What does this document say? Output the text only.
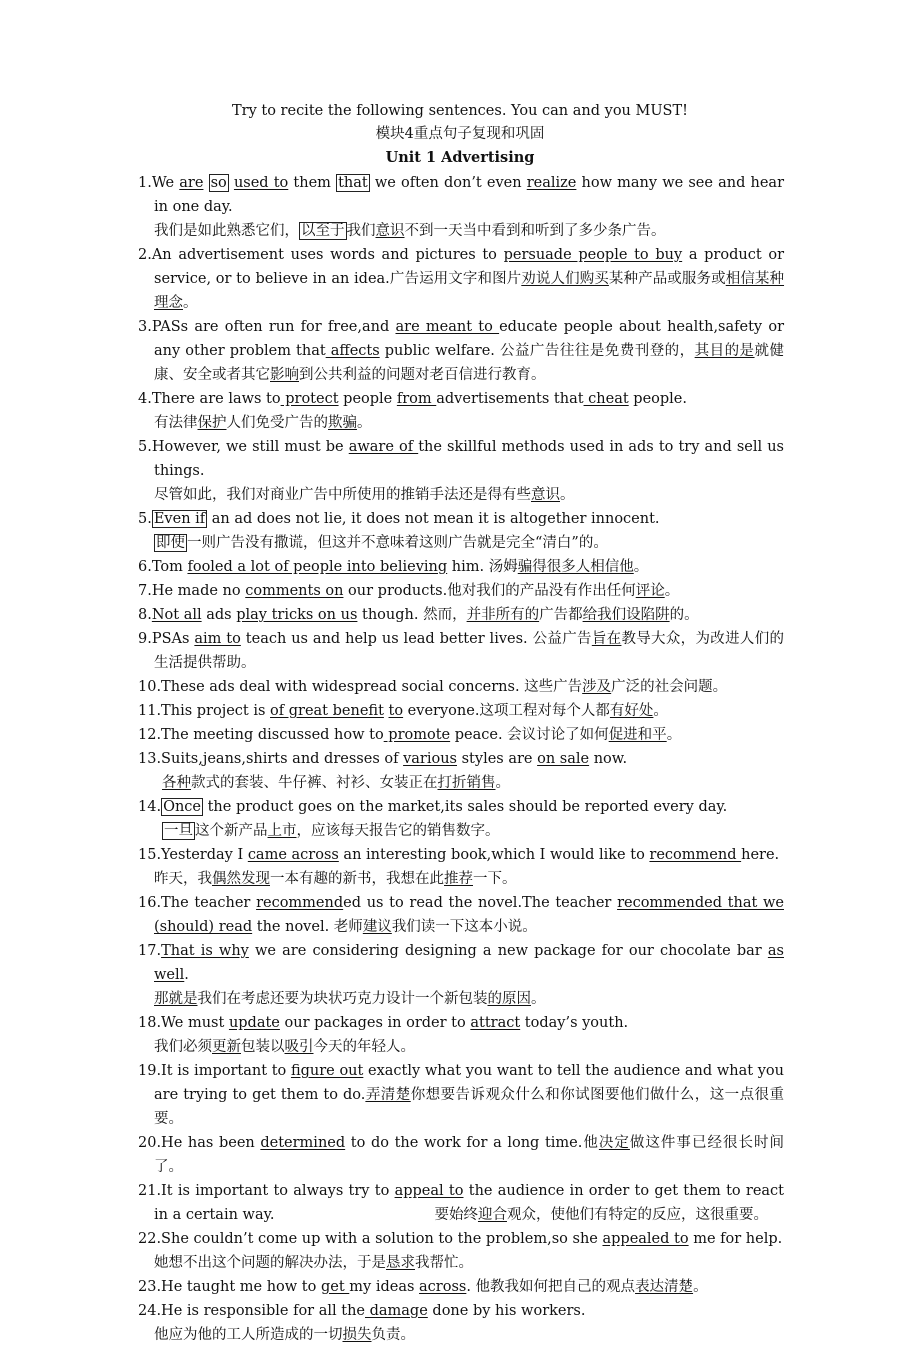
Try to recite the following sentences. You can and you MUST!
模块4重点句子复现和巩固
Unit 1 Advertising
1.We are so used to them that we often don’t even realize how many we see and hear in one day.
我们是如此熟悉它们， 以至于 我们意识不到一天当中看到和听到了多少条广告。
2.An advertisement uses words and pictures to persuade people to buy a product or service, or to believe in an idea.广告运用文字和图片劝说人们购买某种产品或服务或相信某种理念。
3.PASs are often run for free,and are meant to educate people about health,safety or any other problem that affects public welfare. 公益广告往往是免费刊登的，其目的是就健康、安全或者其它影响到公共利益的问题对老百信进行教育。
4.There are laws to protect people from advertisements that cheat people.
有法律保护人们免受广告的欺骗。
5.However, we still must be aware of the skillful methods used in ads to try and sell us things.
尽管如此，我们对商业广告中所使用的推销手法还是得有些意识。
5. Even if an ad does not lie, it does not mean it is altogether innocent.
即使 一则广告没有撒谎，但这并不意味着这则广告就是完全“清白”的。
6.Tom fooled a lot of people into believing him. 汤姆骗得很多人相信他。
7.He made no comments on our products.他对我们的产品没有作出任何评论。
8.Not all ads play tricks on us though. 然而，并非所有的广告都给我们设陷阱的。
9.PSAs aim to teach us and help us lead better lives. 公益广告旨在教导大众，为改进人们的生活提供帮助。
10.These ads deal with widespread social concerns. 这些广告涉及广泛的社会问题。
11.This project is of great benefit to everyone.这项工程对每个人都有好处。
12.The meeting discussed how to promote peace. 会议讨论了如何促进和平。
13.Suits,jeans,shirts and dresses of various styles are on sale now.
各种款式的套装、牛仔裤、衬衫、女装正在打折销售。
14. Once the product goes on the market,its sales should be reported every day.
一旦 这个新产品上市，应该每天报告它的销售数字。
15.Yesterday I came across an interesting book,which I would like to recommend here.
昨天，我偶然发现一本有趣的新书，我想在此推荐一下。
16.The teacher recommended us to read the novel.The teacher recommended that we (should) read the novel. 老师建议我们读一下这本小说。
17.That is why we are considering designing a new package for our chocolate bar as well.
那就是我们在考虑还要为块状巧克力设计一个新包装的原因。
18.We must update our packages in order to attract today’s youth.
我们必须更新包装以吸引今天的年轻人。
19.It is important to figure out exactly what you want to tell the audience and what you are trying to get them to do.弄清楚你想要告诉观众什么和你试图要他们做什么，这一点很重要。
20.He has been determined to do the work for a long time.他决定做这件事已经很长时间了。
21.It is important to always try to appeal to the audience in order to get them to react in a certain way.	要始终迎合观众，使他们有特定的反应，这很重要。
22.She couldn’t come up with a solution to the problem,so she appealed to me for help.
她想不出这个问题的解决办法，于是恳求我帮忙。
23.He taught me how to get my ideas across. 他教我如何把自己的观点表达清楚。
24.He is responsible for all the damage done by his workers.
他应为他的工人所造成的一切损失负责。
